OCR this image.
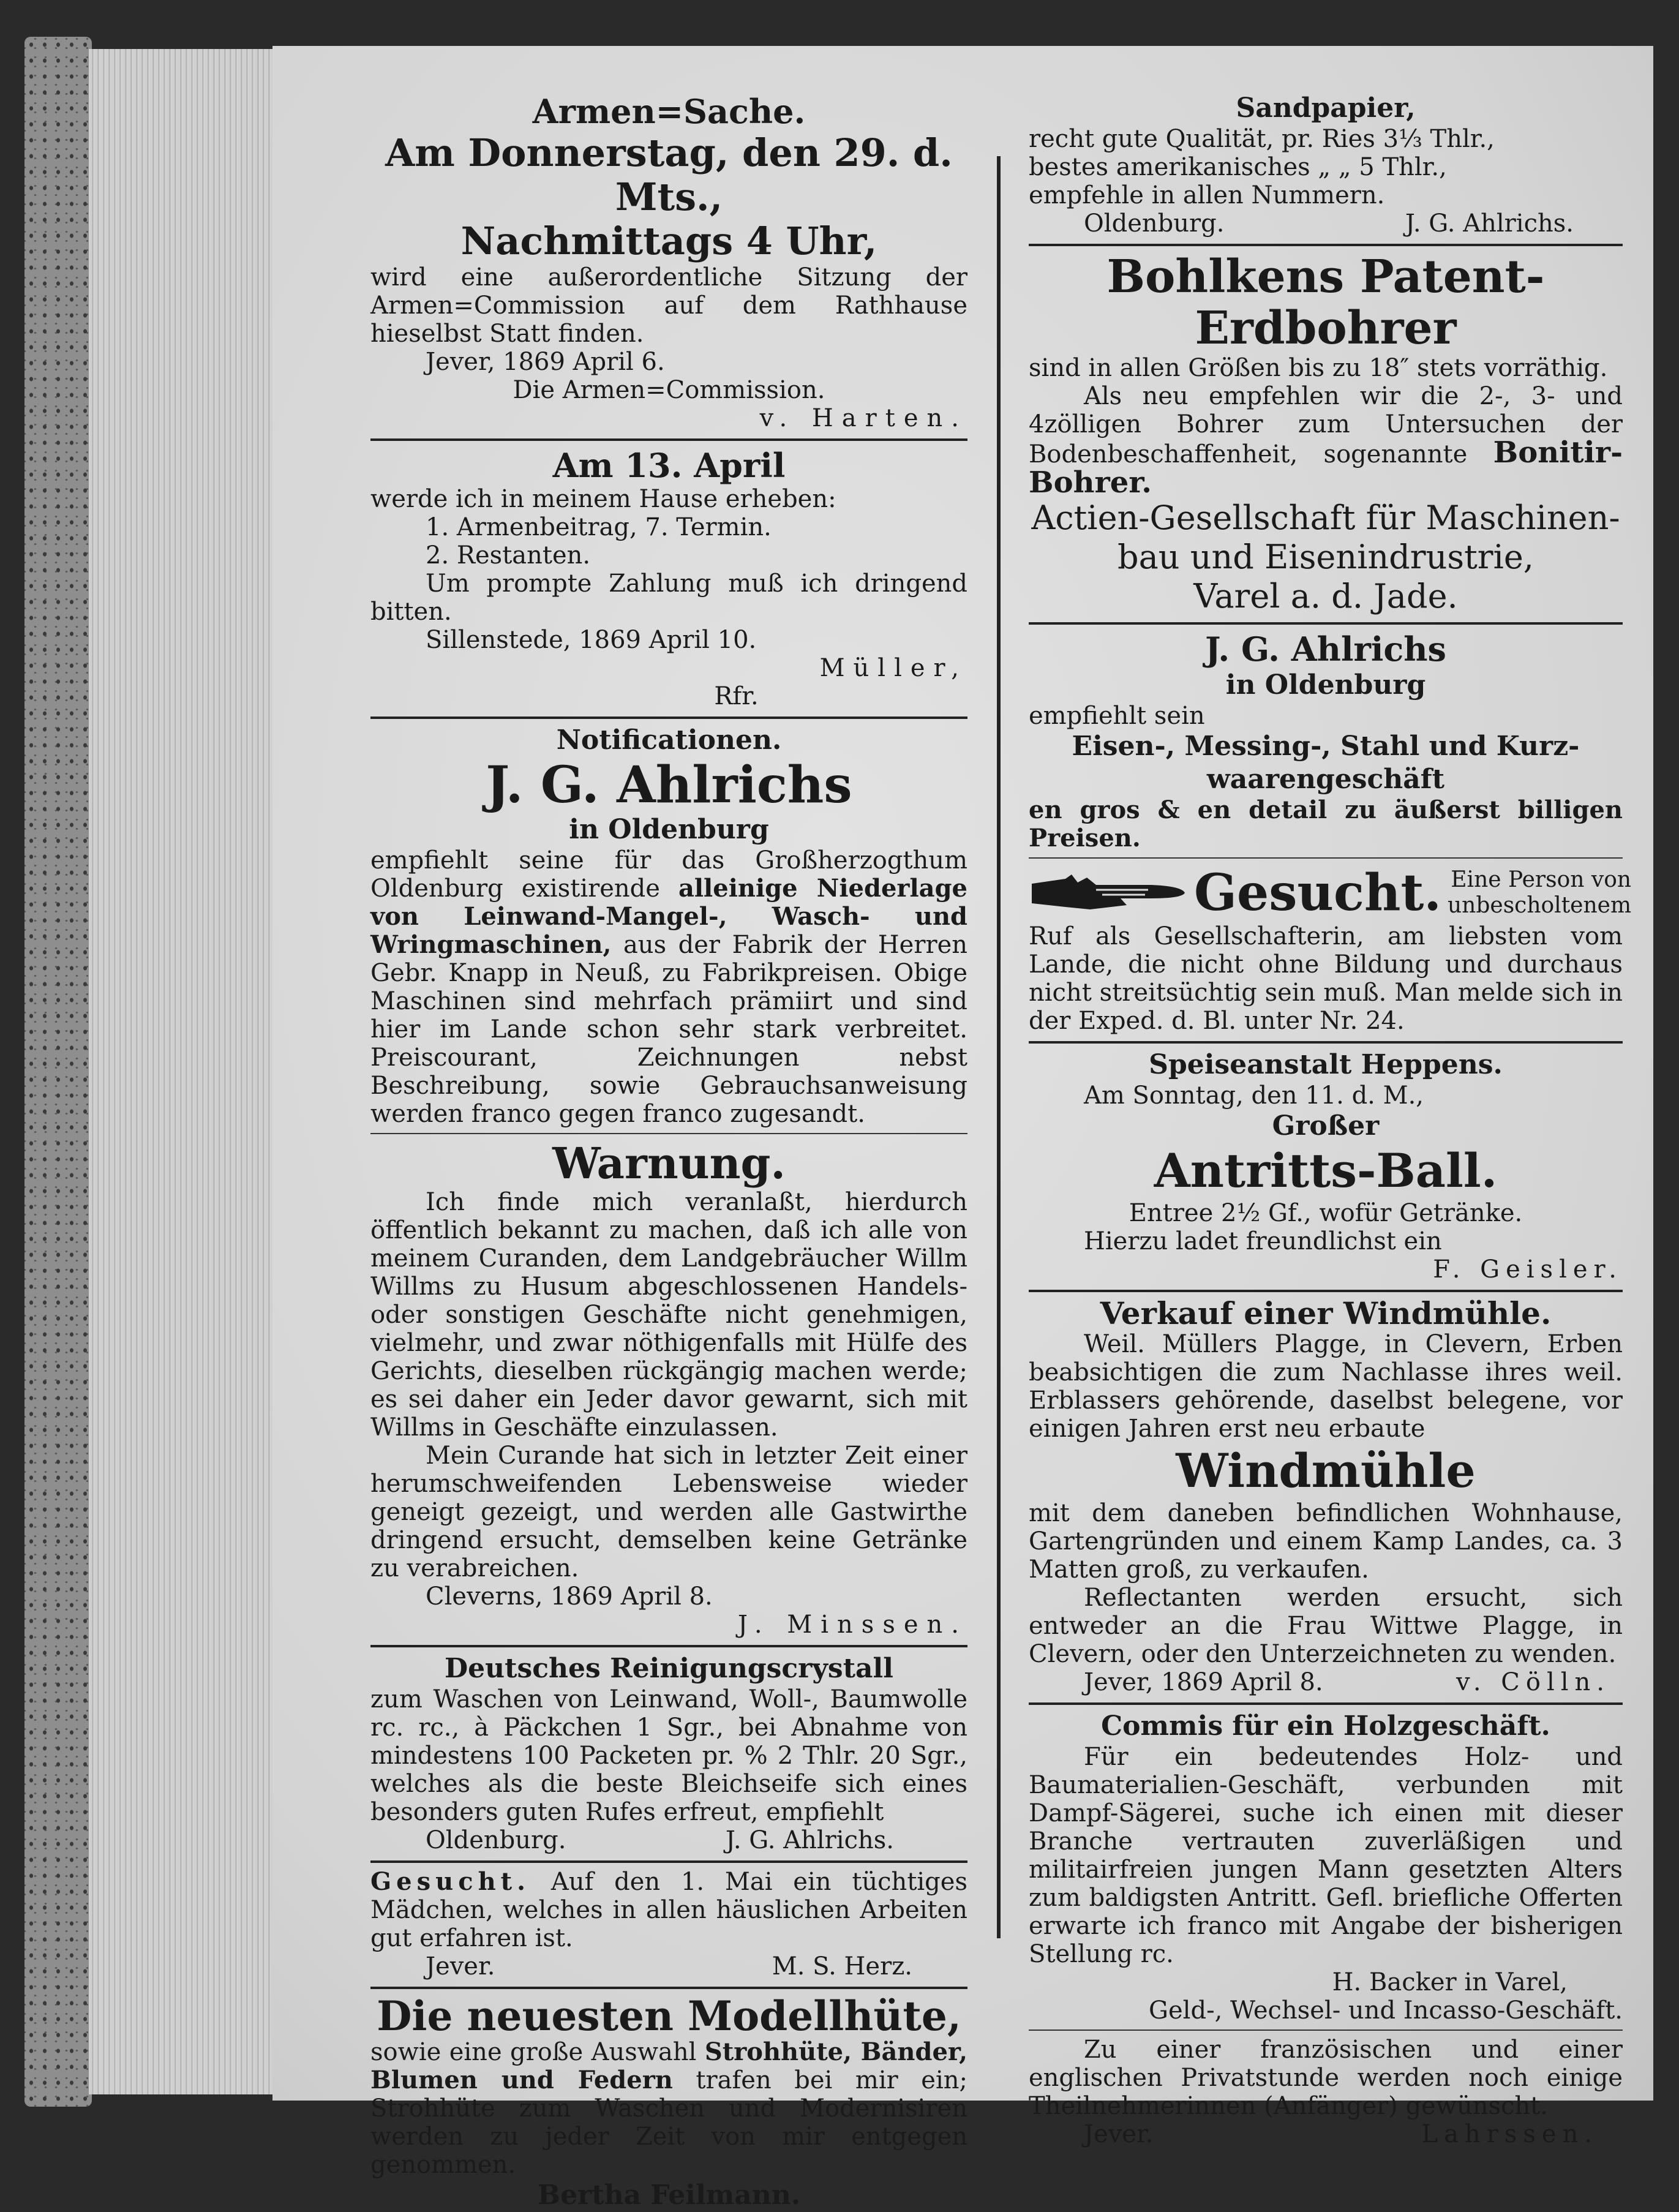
Armen=Sache.
Am Donnerstag, den 29. d. Mts.,
Nachmittags 4 Uhr,
wird eine außerordentliche Sitzung der Armen=Commission auf dem Rathhause hieselbst Statt finden.
Jever, 1869 April 6.
Die Armen=Commission.
v. Harten.
Am 13. April
werde ich in meinem Hause erheben:
1. Armenbeitrag, 7. Termin.
2. Restanten.
Um prompte Zahlung muß ich dringend bitten.
Sillenstede, 1869 April 10.
Müller,
Rfr.
Notificationen.
J. G. Ahlrichs
in Oldenburg
empfiehlt seine für das Großherzogthum Oldenburg existirende alleinige Niederlage von Leinwand-Mangel-, Wasch- und Wringmaschinen, aus der Fabrik der Herren Gebr. Knapp in Neuß, zu Fabrikpreisen. Obige Maschinen sind mehrfach prämiirt und sind hier im Lande schon sehr stark verbreitet. Preiscourant, Zeichnungen nebst Beschreibung, sowie Gebrauchsanweisung werden franco gegen franco zugesandt.
Warnung.
Ich finde mich veranlaßt, hierdurch öffentlich bekannt zu machen, daß ich alle von meinem Curanden, dem Landgebräucher Willm Willms zu Husum abgeschlossenen Handels- oder sonstigen Geschäfte nicht genehmigen, vielmehr, und zwar nöthigenfalls mit Hülfe des Gerichts, dieselben rückgängig machen werde; es sei daher ein Jeder davor gewarnt, sich mit Willms in Geschäfte einzulassen.
Mein Curande hat sich in letzter Zeit einer herumschweifenden Lebensweise wieder geneigt gezeigt, und werden alle Gastwirthe dringend ersucht, demselben keine Getränke zu verabreichen.
Cleverns, 1869 April 8.
J. Minssen.
Deutsches Reinigungscrystall
zum Waschen von Leinwand, Woll-, Baumwolle rc. rc., à Päckchen 1 Sgr., bei Abnahme von mindestens 100 Packeten pr. % 2 Thlr. 20 Sgr., welches als die beste Bleichseife sich eines besonders guten Rufes erfreut, empfiehlt
Oldenburg.	J. G. Ahlrichs.
Gesucht. Auf den 1. Mai ein tüchtiges Mädchen, welches in allen häuslichen Arbeiten gut erfahren ist.
Jever.	M. S. Herz.
Die neuesten Modellhüte,
sowie eine große Auswahl Strohhüte, Bänder, Blumen und Federn trafen bei mir ein; Strohhüte zum Waschen und Modernisiren werden zu jeder Zeit von mir entgegen genommen.
Bertha Feilmann.
Sandpapier,
recht gute Qualität, pr. Ries 3⅓ Thlr.,
bestes amerikanisches „ „ 5 Thlr.,
empfehle in allen Nummern.
Oldenburg.	J. G. Ahlrichs.
Bohlkens Patent-Erdbohrer
sind in allen Größen bis zu 18″ stets vorräthig.
Als neu empfehlen wir die 2-, 3- und 4zölligen Bohrer zum Untersuchen der Bodenbeschaffenheit, sogenannte Bonitir-Bohrer.
Actien-Gesellschaft für Maschinen-
bau und Eisenindrustrie,
Varel a. d. Jade.
J. G. Ahlrichs
in Oldenburg
empfiehlt sein
Eisen-, Messing-, Stahl und Kurz-
waarengeschäft
en gros & en detail zu äußerst billigen Preisen.
Gesucht. Eine Person von unbescholtenem
Ruf als Gesellschafterin, am liebsten vom Lande, die nicht ohne Bildung und durchaus nicht streitsüchtig sein muß. Man melde sich in der Exped. d. Bl. unter Nr. 24.
Speiseanstalt Heppens.
Am Sonntag, den 11. d. M.,
Großer
Antritts-Ball.
Entree 2½ Gf., wofür Getränke.
Hierzu ladet freundlichst ein
F. Geisler.
Verkauf einer Windmühle.
Weil. Müllers Plagge, in Clevern, Erben beabsichtigen die zum Nachlasse ihres weil. Erblassers gehörende, daselbst belegene, vor einigen Jahren erst neu erbaute
Windmühle
mit dem daneben befindlichen Wohnhause, Gartengründen und einem Kamp Landes, ca. 3 Matten groß, zu verkaufen.
Reflectanten werden ersucht, sich entweder an die Frau Wittwe Plagge, in Clevern, oder den Unterzeichneten zu wenden.
Jever, 1869 April 8.	v. Cölln.
Commis für ein Holzgeschäft.
Für ein bedeutendes Holz- und Baumaterialien-Geschäft, verbunden mit Dampf-Sägerei, suche ich einen mit dieser Branche vertrauten zuverläßigen und militairfreien jungen Mann gesetzten Alters zum baldigsten Antritt. Gefl. briefliche Offerten erwarte ich franco mit Angabe der bisherigen Stellung rc.
H. Backer in Varel,
Geld-, Wechsel- und Incasso-Geschäft.
Zu einer französischen und einer englischen Privatstunde werden noch einige Theilnehmerinnen (Anfänger) gewünscht.
Jever.	Lahrssen.
